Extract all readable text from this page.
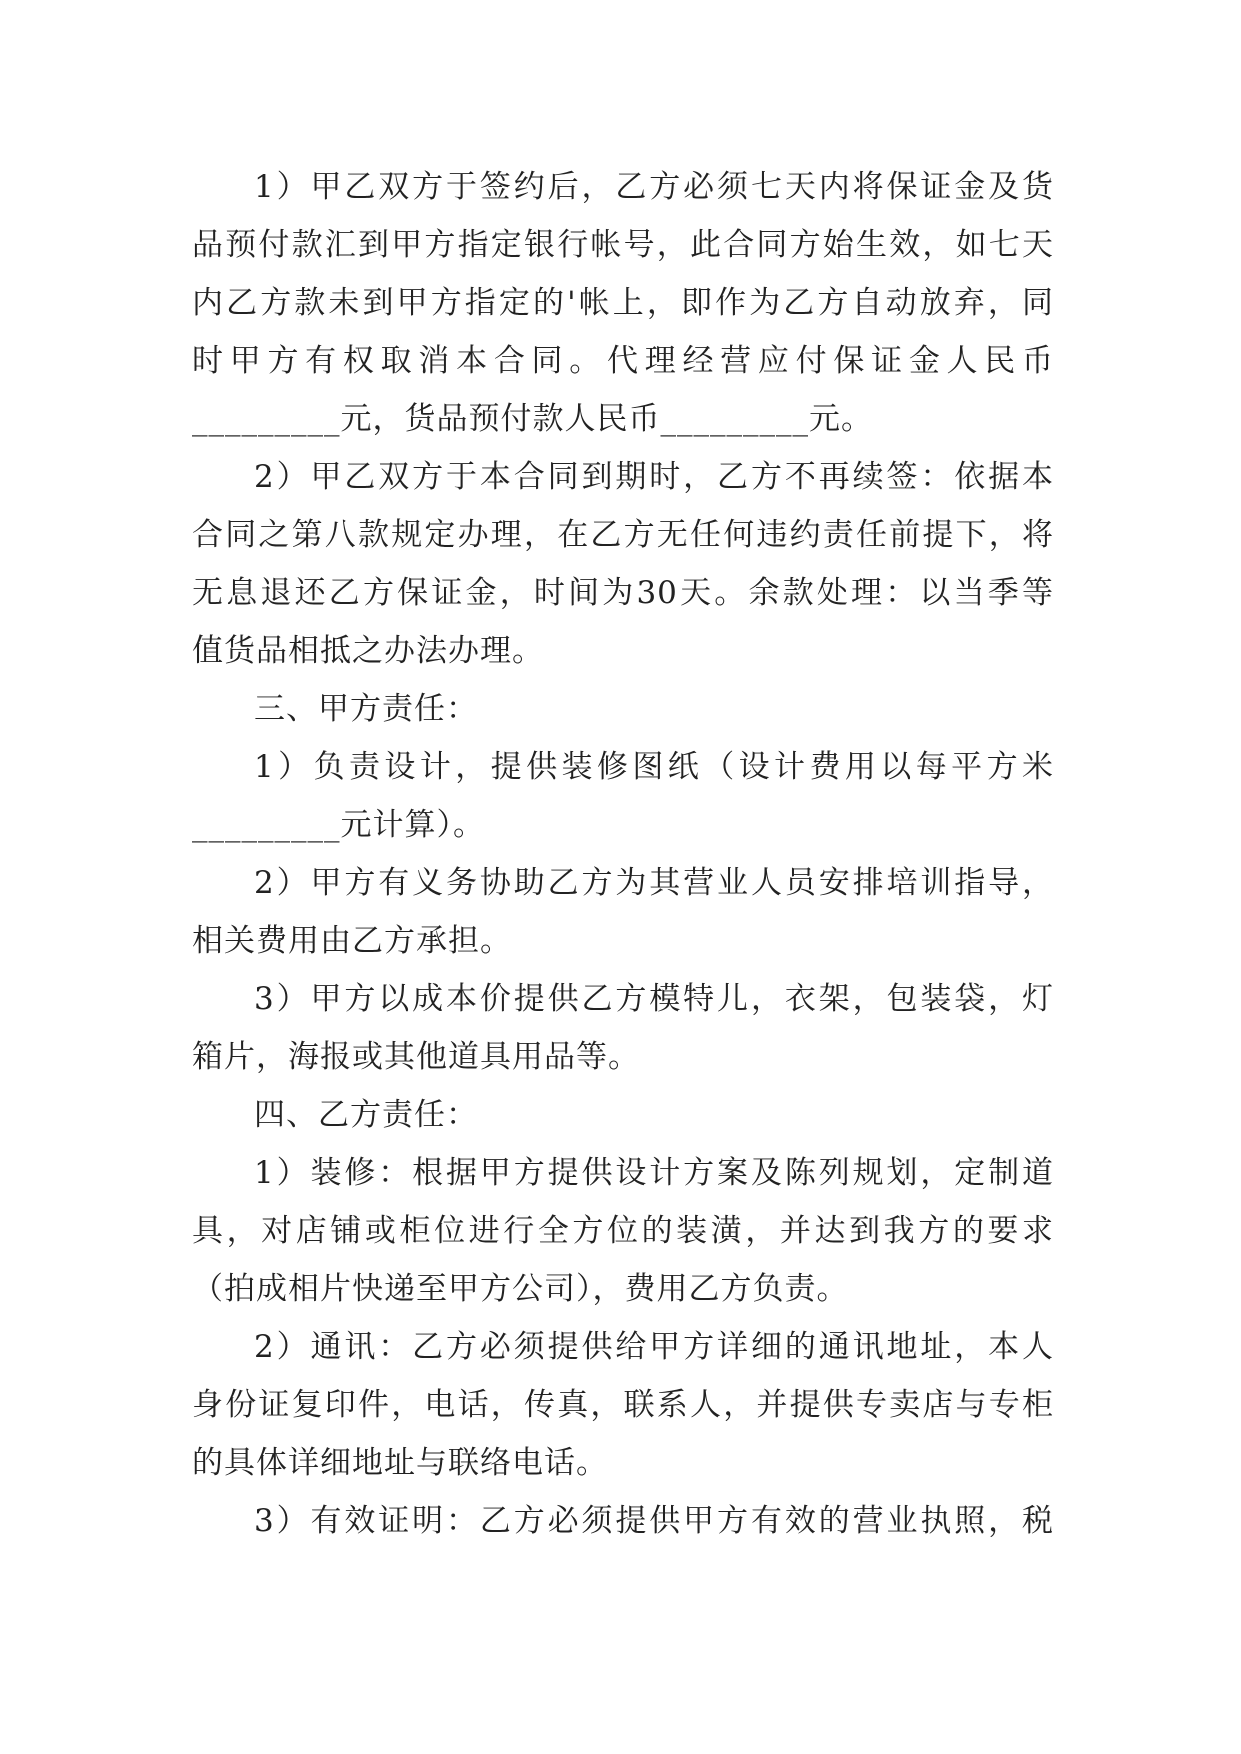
1）甲乙双方于签约后，乙方必须七天内将保证金及货
品预付款汇到甲方指定银行帐号，此合同方始生效，如七天
内乙方款未到甲方指定的'帐上，即作为乙方自动放弃，同
时甲方有权取消本合同。代理经营应付保证金人民币
_________元，货品预付款人民币_________元。
2）甲乙双方于本合同到期时，乙方不再续签：依据本
合同之第八款规定办理，在乙方无任何违约责任前提下，将
无息退还乙方保证金，时间为30天。余款处理：以当季等
值货品相抵之办法办理。
三、甲方责任：
1）负责设计，提供装修图纸（设计费用以每平方米
_________元计算）。
2）甲方有义务协助乙方为其营业人员安排培训指导，
相关费用由乙方承担。
3）甲方以成本价提供乙方模特儿，衣架，包装袋，灯
箱片，海报或其他道具用品等。
四、乙方责任：
1）装修：根据甲方提供设计方案及陈列规划，定制道
具，对店铺或柜位进行全方位的装潢，并达到我方的要求
（拍成相片快递至甲方公司），费用乙方负责。
2）通讯：乙方必须提供给甲方详细的通讯地址，本人
身份证复印件，电话，传真，联系人，并提供专卖店与专柜
的具体详细地址与联络电话。
3）有效证明：乙方必须提供甲方有效的营业执照，税
